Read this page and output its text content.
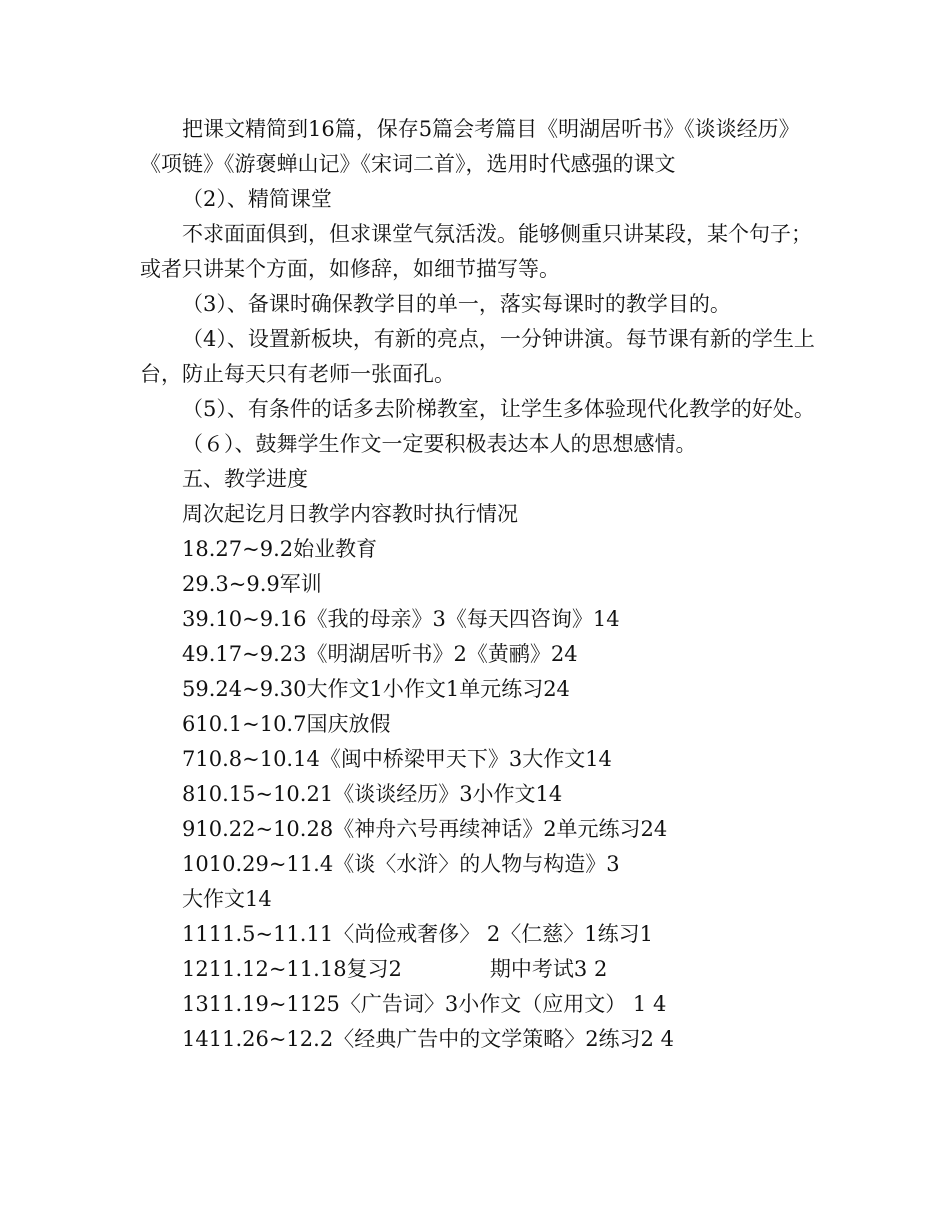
把课文精简到16篇，保存5篇会考篇目《明湖居听书》《谈谈经历》《项链》《游褒蝉山记》《宋词二首》，选用时代感强的课文

（2）、精简课堂

不求面面俱到，但求课堂气氛活泼。能够侧重只讲某段，某个句子；或者只讲某个方面，如修辞，如细节描写等。

（3）、备课时确保教学目的单一，落实每课时的教学目的。

（4）、设置新板块，有新的亮点，一分钟讲演。每节课有新的学生上台，防止每天只有老师一张面孔。

（5）、有条件的话多去阶梯教室，让学生多体验现代化教学的好处。

（６）、鼓舞学生作文一定要积极表达本人的思想感情。

五、教学进度

周次起讫月日教学内容教时执行情况

18.27~9.2始业教育

29.3~9.9军训

39.10~9.16《我的母亲》3《每天四咨询》14

49.17~9.23《明湖居听书》2《黄鹂》24

59.24~9.30大作文1小作文1单元练习24

610.1~10.7国庆放假

710.8~10.14《闽中桥梁甲天下》3大作文14

810.15~10.21《谈谈经历》3小作文14

910.22~10.28《神舟六号再续神话》2单元练习24

1010.29~11.4《谈〈水浒〉的人物与构造》3

大作文14

1111.5~11.11〈尚俭戒奢侈〉 2〈仁慈〉1练习1

1211.12~11.18复习2	期中考试3 2

1311.19~1125〈广告词〉3小作文（应用文） 1 4

1411.26~12.2〈经典广告中的文学策略〉2练习2 4
